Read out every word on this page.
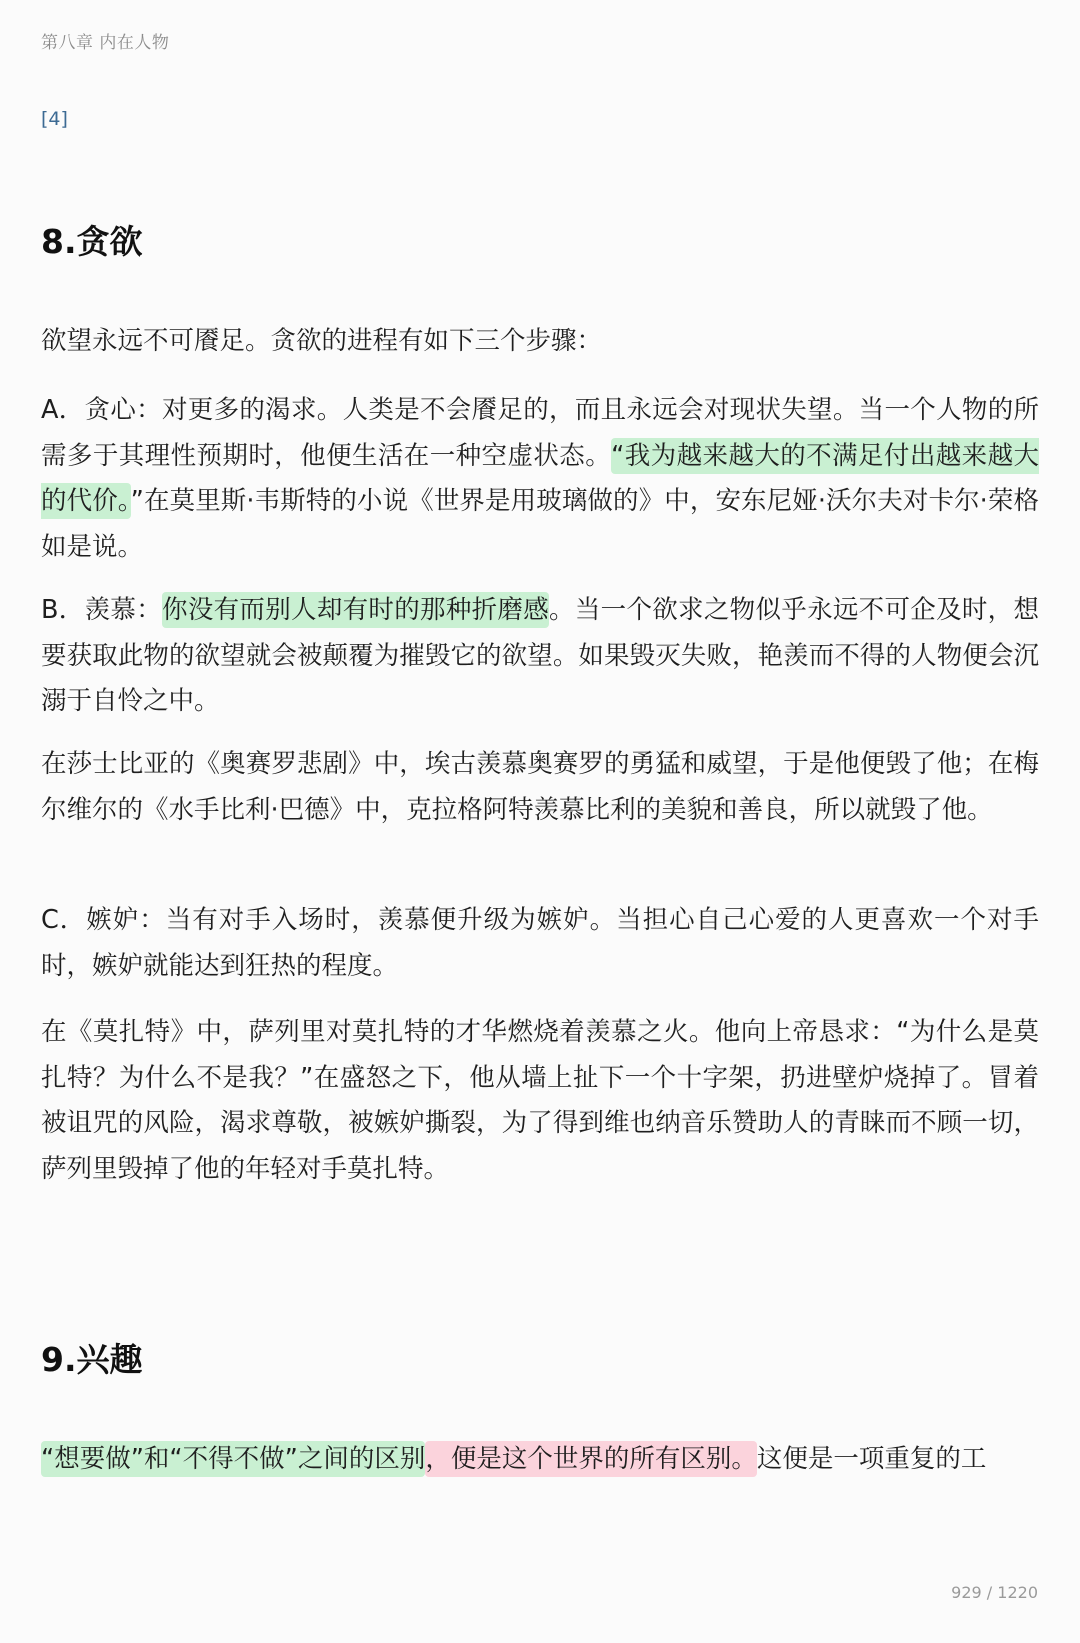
第八章 内在人物
[4]
8.贪欲

欲望永远不可餍足。贪欲的进程有如下三个步骤：

A．贪心：对更多的渴求。人类是不会餍足的，而且永远会对现状失望。当一个人物的所需多于其理性预期时，他便生活在一种空虚状态。“我为越来越大的不满足付出越来越大的代价。”在莫里斯·韦斯特的小说《世界是用玻璃做的》中，安东尼娅·沃尔夫对卡尔·荣格如是说。

B．羡慕：你没有而别人却有时的那种折磨感。当一个欲求之物似乎永远不可企及时，想要获取此物的欲望就会被颠覆为摧毁它的欲望。如果毁灭失败，艳羡而不得的人物便会沉溺于自怜之中。

在莎士比亚的《奥赛罗悲剧》中，埃古羡慕奥赛罗的勇猛和威望，于是他便毁了他；在梅尔维尔的《水手比利·巴德》中，克拉格阿特羡慕比利的美貌和善良，所以就毁了他。

C．嫉妒：当有对手入场时，羡慕便升级为嫉妒。当担心自己心爱的人更喜欢一个对手时，嫉妒就能达到狂热的程度。

在《莫扎特》中，萨列里对莫扎特的才华燃烧着羡慕之火。他向上帝恳求：“为什么是莫扎特？为什么不是我？”在盛怒之下，他从墙上扯下一个十字架，扔进壁炉烧掉了。冒着被诅咒的风险，渴求尊敬，被嫉妒撕裂，为了得到维也纳音乐赞助人的青睐而不顾一切，萨列里毁掉了他的年轻对手莫扎特。

9.兴趣

“想要做”和“不得不做”之间的区别，便是这个世界的所有区别。这便是一项重复的工

929 / 1220
